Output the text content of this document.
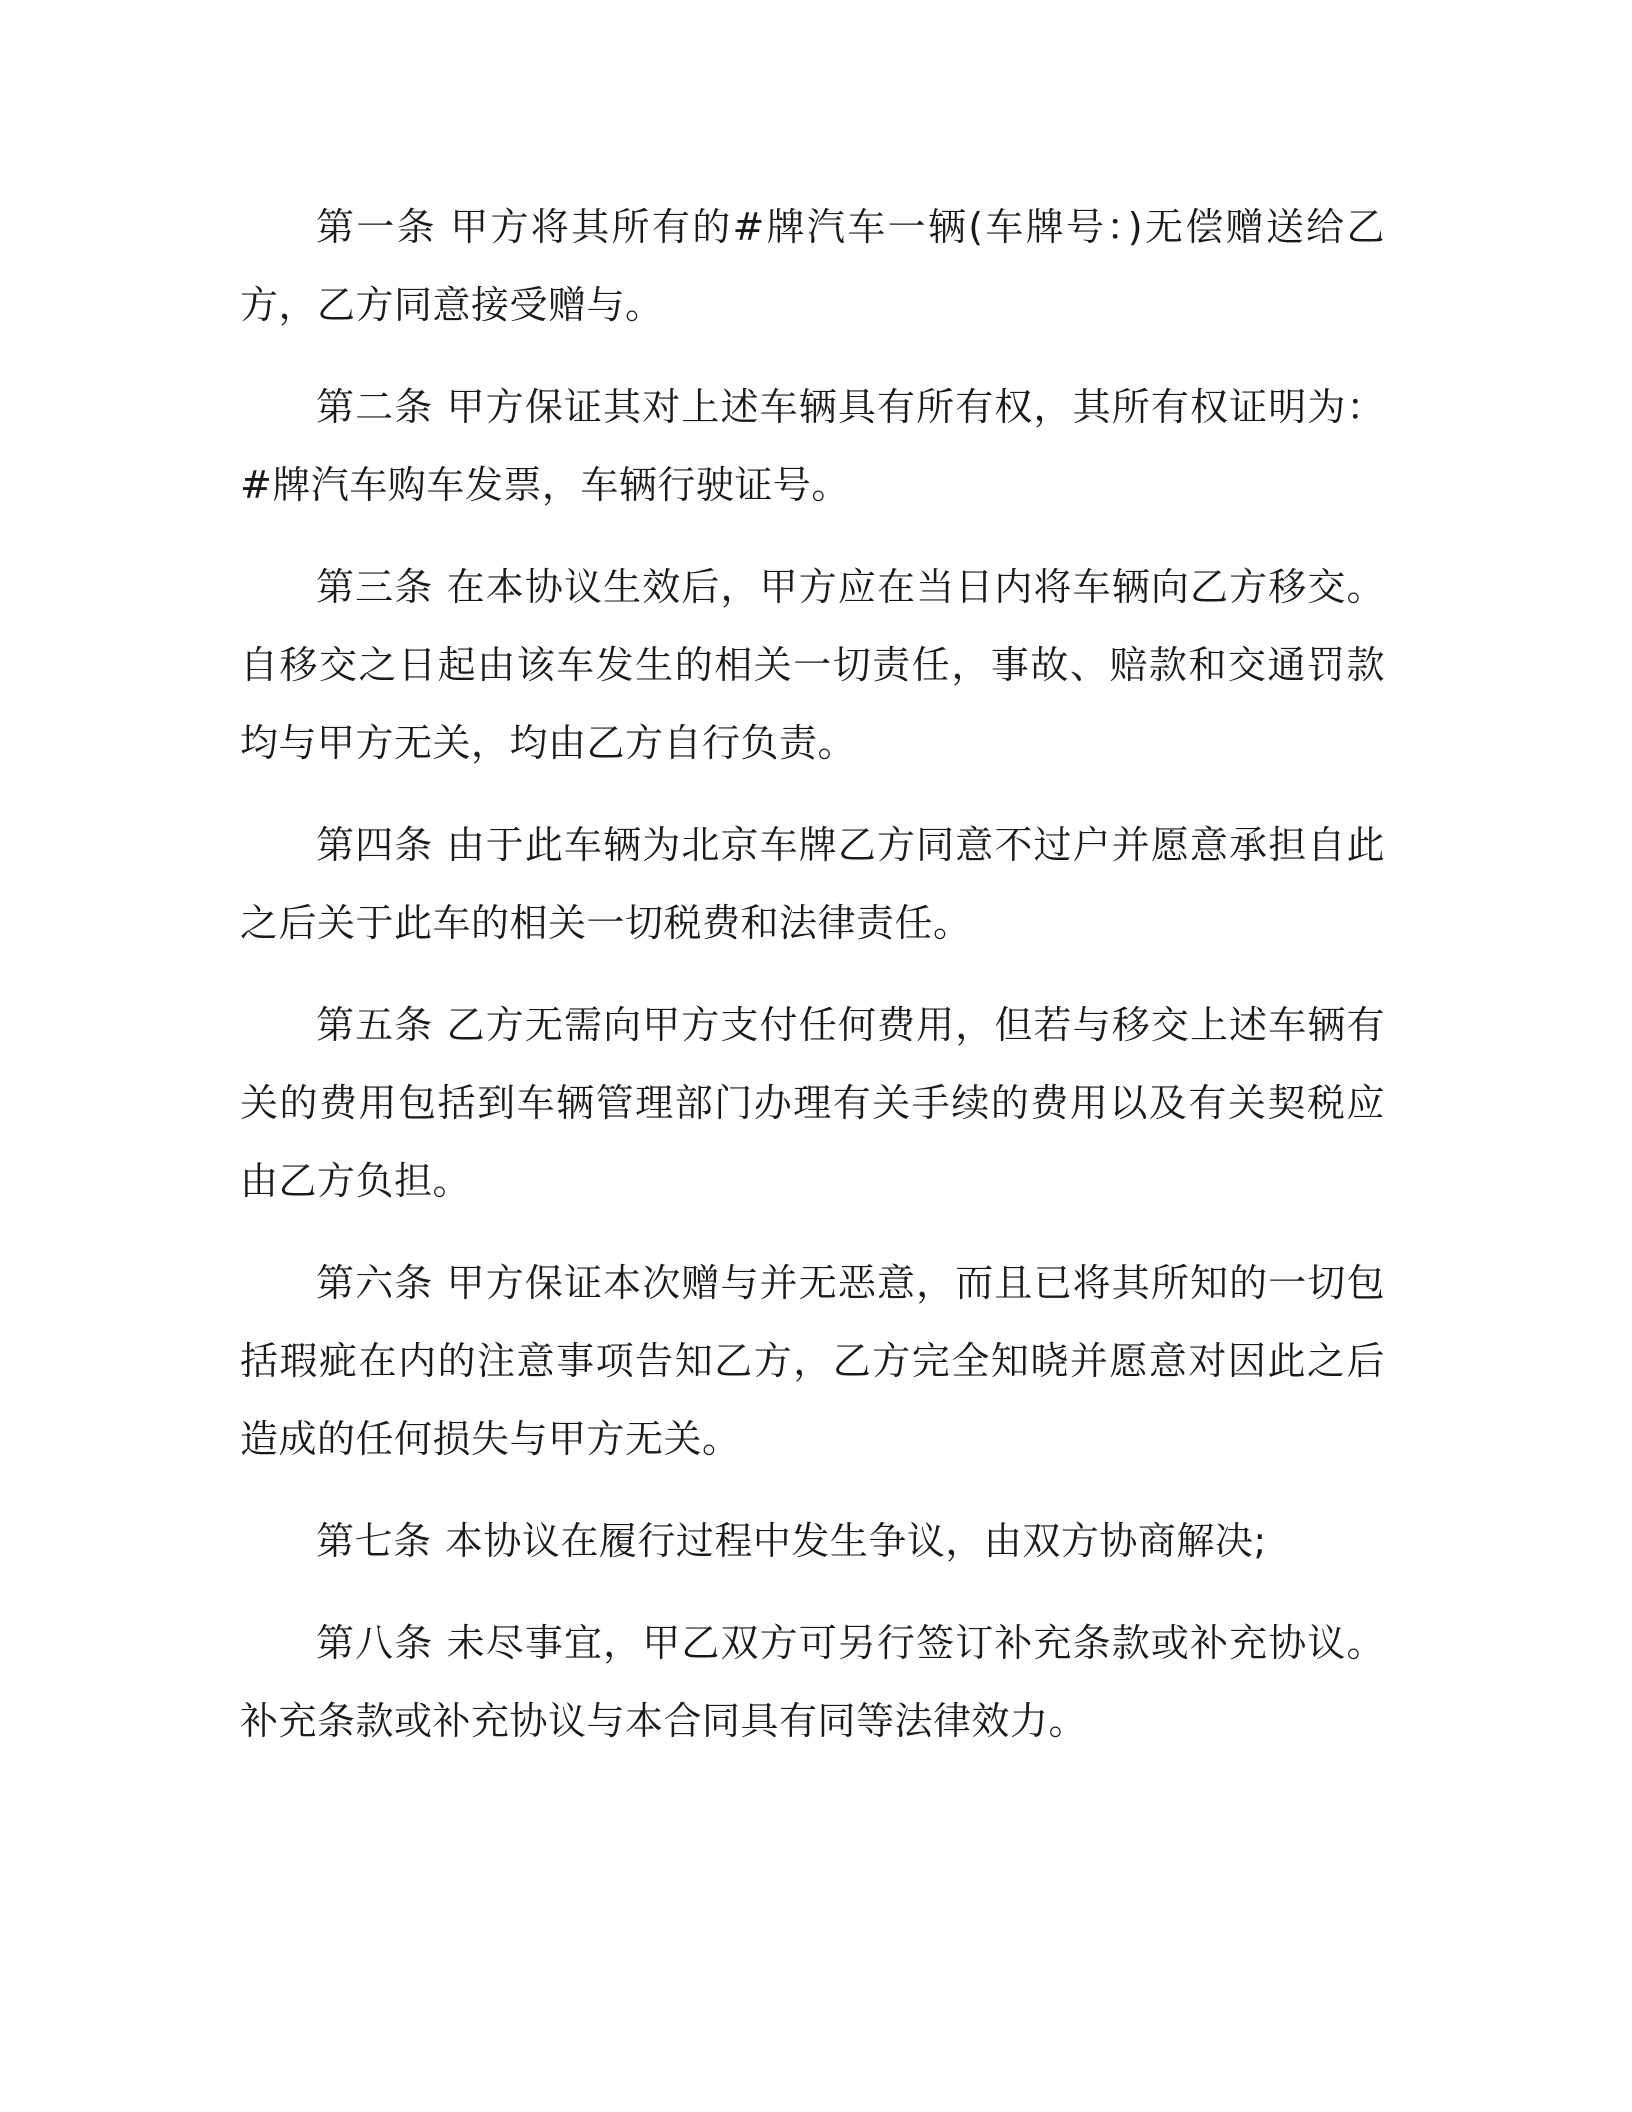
第一条 甲方将其所有的#牌汽车一辆(车牌号：)无偿赠送给乙方，乙方同意接受赠与。

第二条 甲方保证其对上述车辆具有所有权，其所有权证明为：#牌汽车购车发票，车辆行驶证号。

第三条 在本协议生效后，甲方应在当日内将车辆向乙方移交。自移交之日起由该车发生的相关一切责任，事故、赔款和交通罚款均与甲方无关，均由乙方自行负责。

第四条 由于此车辆为北京车牌乙方同意不过户并愿意承担自此之后关于此车的相关一切税费和法律责任。

第五条 乙方无需向甲方支付任何费用，但若与移交上述车辆有关的费用包括到车辆管理部门办理有关手续的费用以及有关契税应由乙方负担。

第六条 甲方保证本次赠与并无恶意，而且已将其所知的一切包括瑕疵在内的注意事项告知乙方，乙方完全知晓并愿意对因此之后造成的任何损失与甲方无关。

第七条 本协议在履行过程中发生争议，由双方协商解决;

第八条 未尽事宜，甲乙双方可另行签订补充条款或补充协议。补充条款或补充协议与本合同具有同等法律效力。
